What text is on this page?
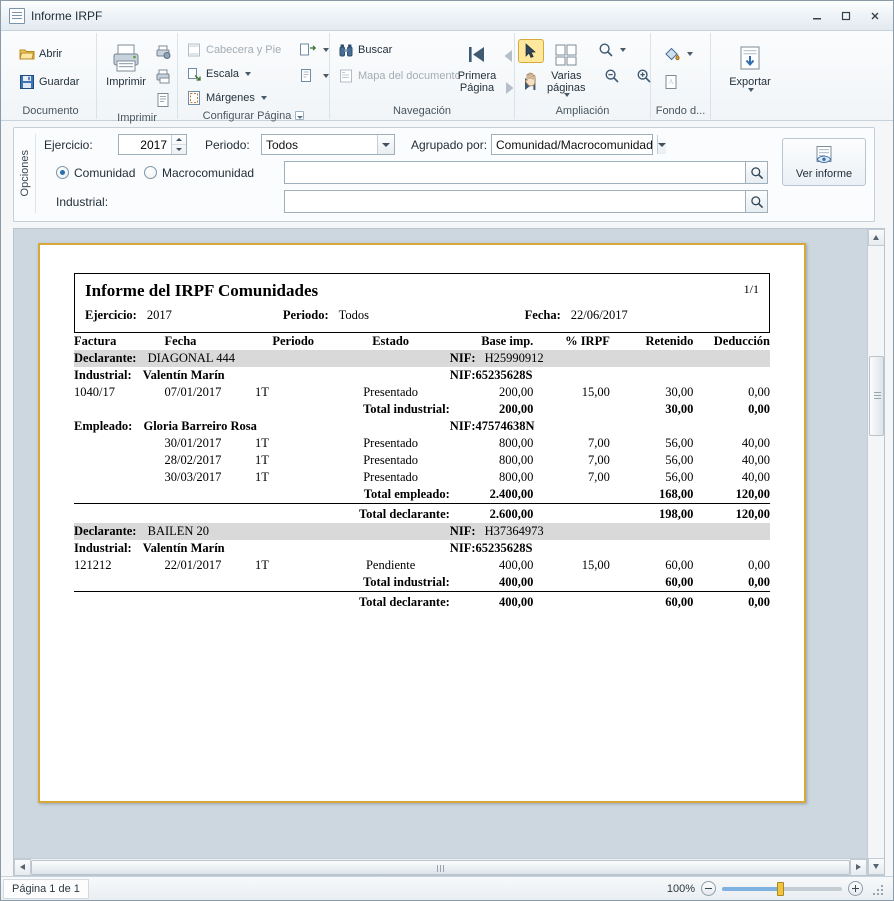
Informe IRPF
Abrir
Guardar
Documento
Imprimir
Imprimir
Cabecera y Pie
Escala
Márgenes
Configurar Página
Buscar
Mapa del documento
Primera Página
Navegación
Varias páginas
Ampliación
A
Fondo d...
Exportar
Opciones
Ejercicio:	2017	Periodo:	Todos	Agrupado por: Comunidad/Macrocomunidad
Comunidad Macrocomunidad
Industrial:
Ver informe
1/1
Informe del IRPF Comunidades
Ejercicio: 2017	Periodo: Todos	Fecha: 22/06/2017
Factura	Fecha	Periodo	Estado	Base imp.	% IRPF	Retenido	Deducción
Declarante: DIAGONAL 444				NIF: H25990912			
Industrial: Valentín Marín				NIF:65235628S			
1040/17	07/01/2017	1T	Presentado	200,00	15,00	30,00	0,00
Total industrial:				200,00		30,00	0,00
Empleado: Gloria Barreiro Rosa				NIF:47574638N			
	30/01/2017	1T	Presentado	800,00	7,00	56,00	40,00
	28/02/2017	1T	Presentado	800,00	7,00	56,00	40,00
	30/03/2017	1T	Presentado	800,00	7,00	56,00	40,00
Total empleado:				2.400,00		168,00	120,00

Total declarante:				2.600,00		198,00	120,00
Declarante: BAILEN 20				NIF: H37364973			
Industrial: Valentín Marín				NIF:65235628S			
121212	22/01/2017	1T	Pendiente	400,00	15,00	60,00	0,00
Total industrial:				400,00		60,00	0,00

Total declarante:				400,00		60,00	0,00
Página 1 de 1	100%
